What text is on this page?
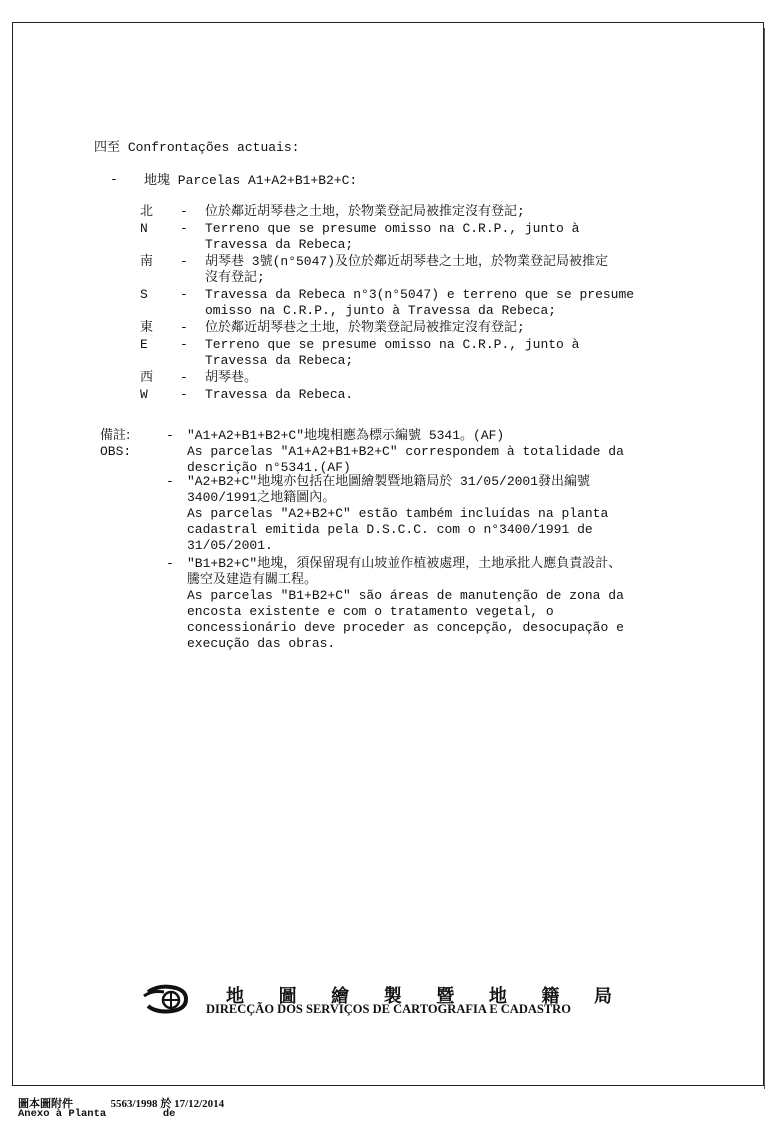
四至 Confrontações actuais:
- 地塊 Parcelas A1+A2+B1+B2+C:
北 - 位於鄰近胡琴巷之土地，於物業登記局被推定沒有登記;
N - Terreno que se presume omisso na C.R.P., junto à
Travessa da Rebeca;
南 - 胡琴巷 3號(n°5047)及位於鄰近胡琴巷之土地，於物業登記局被推定
沒有登記;
S - Travessa da Rebeca n°3(n°5047) e terreno que se presume
omisso na C.R.P., junto à Travessa da Rebeca;
東 - 位於鄰近胡琴巷之土地，於物業登記局被推定沒有登記;
E - Terreno que se presume omisso na C.R.P., junto à
Travessa da Rebeca;
西 - 胡琴巷。
W - Travessa da Rebeca.
備註:
OBS:
- "A1+A2+B1+B2+C"地塊相應為標示編號 5341。(AF)
As parcelas "A1+A2+B1+B2+C" correspondem à totalidade da
descrição n°5341.(AF)
- "A2+B2+C"地塊亦包括在地圖繪製暨地籍局於 31/05/2001發出編號
3400/1991之地籍圖內。
As parcelas "A2+B2+C" estão também incluídas na planta
cadastral emitida pela D.S.C.C. com o n°3400/1991 de
31/05/2001.
- "B1+B2+C"地塊，須保留現有山坡並作植被處理，土地承批人應負責設計、
騰空及建造有關工程。
As parcelas "B1+B2+C" são áreas de manutenção de zona da
encosta existente e com o tratamento vegetal, o
concessionário deve proceder as concepção, desocupação e
execução das obras.
地 圖 繪 製 暨 地 籍 局
DIRECÇÃO DOS SERVIÇOS DE CARTOGRAFIA E CADASTRO
圖本圖附件	5563/1998 於 17/12/2014
Anexo à Planta	de
